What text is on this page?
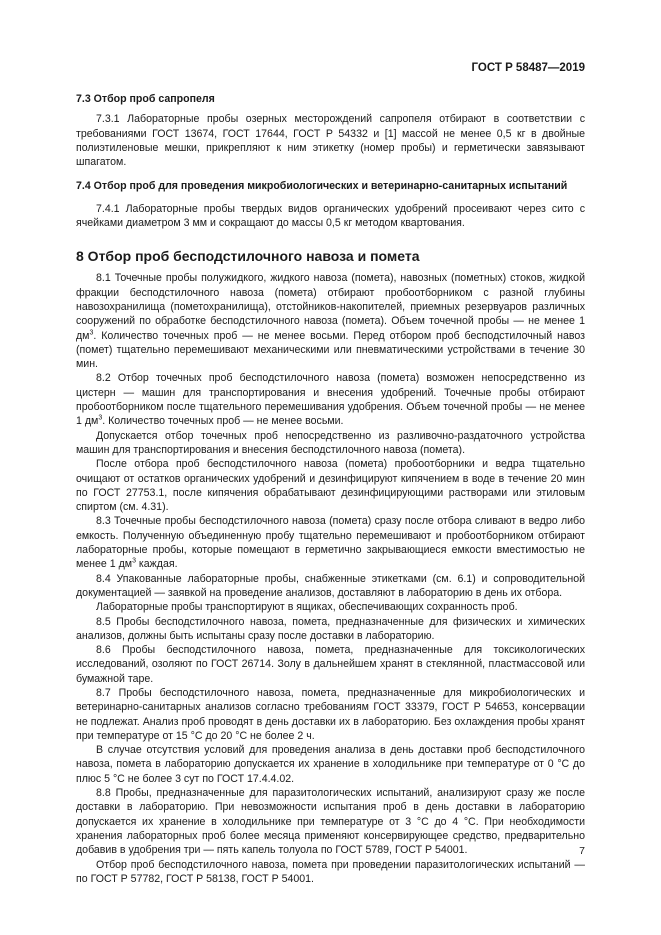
ГОСТ Р 58487—2019
7.3 Отбор проб сапропеля

7.3.1 Лабораторные пробы озерных месторождений сапропеля отбирают в соответствии с требованиями ГОСТ 13674, ГОСТ 17644, ГОСТ Р 54332 и [1] массой не менее 0,5 кг в двойные полиэтиленовые мешки, прикрепляют к ним этикетку (номер пробы) и герметически завязывают шпагатом.

7.4 Отбор проб для проведения микробиологических и ветеринарно-санитарных испытаний

7.4.1 Лабораторные пробы твердых видов органических удобрений просеивают через сито с ячейками диаметром 3 мм и сокращают до массы 0,5 кг методом квартования.

8 Отбор проб бесподстилочного навоза и помета

8.1 Точечные пробы полужидкого, жидкого навоза (помета), навозных (пометных) стоков, жидкой фракции бесподстилочного навоза (помета) отбирают пробоотборником с разной глубины навозохранилища (пометохранилища), отстойников-накопителей, приемных резервуаров различных сооружений по обработке бесподстилочного навоза (помета). Объем точечной пробы — не менее 1 $дм^3$. Количество точечных проб — не менее восьми. Перед отбором проб бесподстилочный навоз (помет) тщательно перемешивают механическими или пневматическими устройствами в течение 30 мин.

8.2 Отбор точечных проб бесподстилочного навоза (помета) возможен непосредственно из цистерн — машин для транспортирования и внесения удобрений. Точечные пробы отбирают пробоотборником после тщательного перемешивания удобрения. Объем точечной пробы — не менее 1 $дм^3$. Количество точечных проб — не менее восьми.

Допускается отбор точечных проб непосредственно из разливочно-раздаточного устройства машин для транспортирования и внесения бесподстилочного навоза (помета).

После отбора проб бесподстилочного навоза (помета) пробоотборники и ведра тщательно очищают от остатков органических удобрений и дезинфицируют кипячением в воде в течение 20 мин по ГОСТ 27753.1, после кипячения обрабатывают дезинфицирующими растворами или этиловым спиртом (см. 4.31).

8.3 Точечные пробы бесподстилочного навоза (помета) сразу после отбора сливают в ведро либо емкость. Полученную объединенную пробу тщательно перемешивают и пробоотборником отбирают лабораторные пробы, которые помещают в герметично закрывающиеся емкости вместимостью не менее 1 $дм^3$ каждая.

8.4 Упакованные лабораторные пробы, снабженные этикетками (см. 6.1) и сопроводительной документацией — заявкой на проведение анализов, доставляют в лабораторию в день их отбора.

Лабораторные пробы транспортируют в ящиках, обеспечивающих сохранность проб.

8.5 Пробы бесподстилочного навоза, помета, предназначенные для физических и химических анализов, должны быть испытаны сразу после доставки в лабораторию.

8.6 Пробы бесподстилочного навоза, помета, предназначенные для токсикологических исследований, озоляют по ГОСТ 26714. Золу в дальнейшем хранят в стеклянной, пластмассовой или бумажной таре.

8.7 Пробы бесподстилочного навоза, помета, предназначенные для микробиологических и ветеринарно-санитарных анализов согласно требованиям ГОСТ 33379, ГОСТ Р 54653, консервации не подлежат. Анализ проб проводят в день доставки их в лабораторию. Без охлаждения пробы хранят при температуре от 15 °С до 20 °С не более 2 ч.

В случае отсутствия условий для проведения анализа в день доставки проб бесподстилочного навоза, помета в лабораторию допускается их хранение в холодильнике при температуре от 0 °С до плюс 5 °С не более 3 сут по ГОСТ 17.4.4.02.

8.8 Пробы, предназначенные для паразитологических испытаний, анализируют сразу же после доставки в лабораторию. При невозможности испытания проб в день доставки в лабораторию допускается их хранение в холодильнике при температуре от 3 °С до 4 °С. При необходимости хранения лабораторных проб более месяца применяют консервирующее средство, предварительно добавив в удобрения три — пять капель толуола по ГОСТ 5789, ГОСТ Р 54001.

Отбор проб бесподстилочного навоза, помета при проведении паразитологических испытаний — по ГОСТ Р 57782, ГОСТ Р 58138, ГОСТ Р 54001.

7
